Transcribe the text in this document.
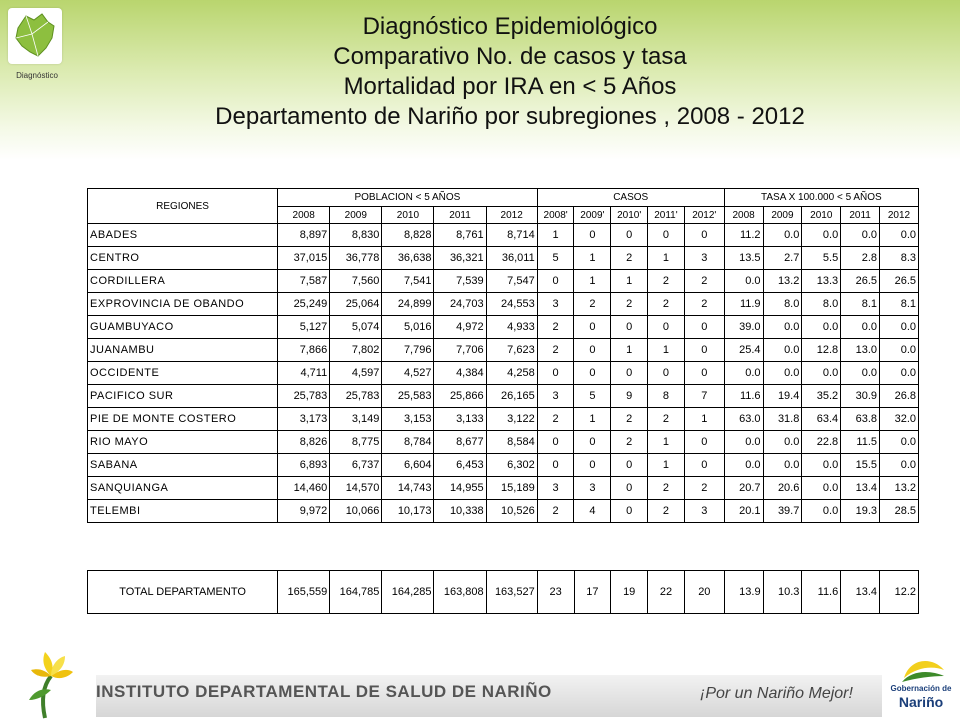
Diagnóstico
Diagnóstico Epidemiológico
Comparativo No. de casos y tasa
Mortalidad por IRA en < 5 Años
Departamento de Nariño por subregiones , 2008 - 2012
REGIONES	POBLACION < 5 AÑOS					CASOS					TASA X 100.000 < 5 AÑOS				
	2008	2009	2010	2011	2012	2008'	2009'	2010'	2011'	2012'	2008	2009	2010	2011	2012
ABADES	8,897	8,830	8,828	8,761	8,714	1	0	0	0	0	11.2	0.0	0.0	0.0	0.0
CENTRO	37,015	36,778	36,638	36,321	36,011	5	1	2	1	3	13.5	2.7	5.5	2.8	8.3
CORDILLERA	7,587	7,560	7,541	7,539	7,547	0	1	1	2	2	0.0	13.2	13.3	26.5	26.5
EXPROVINCIA DE OBANDO	25,249	25,064	24,899	24,703	24,553	3	2	2	2	2	11.9	8.0	8.0	8.1	8.1
GUAMBUYACO	5,127	5,074	5,016	4,972	4,933	2	0	0	0	0	39.0	0.0	0.0	0.0	0.0
JUANAMBU	7,866	7,802	7,796	7,706	7,623	2	0	1	1	0	25.4	0.0	12.8	13.0	0.0
OCCIDENTE	4,711	4,597	4,527	4,384	4,258	0	0	0	0	0	0.0	0.0	0.0	0.0	0.0
PACIFICO SUR	25,783	25,783	25,583	25,866	26,165	3	5	9	8	7	11.6	19.4	35.2	30.9	26.8
PIE DE MONTE COSTERO	3,173	3,149	3,153	3,133	3,122	2	1	2	2	1	63.0	31.8	63.4	63.8	32.0
RIO MAYO	8,826	8,775	8,784	8,677	8,584	0	0	2	1	0	0.0	0.0	22.8	11.5	0.0
SABANA	6,893	6,737	6,604	6,453	6,302	0	0	0	1	0	0.0	0.0	0.0	15.5	0.0
SANQUIANGA	14,460	14,570	14,743	14,955	15,189	3	3	0	2	2	20.7	20.6	0.0	13.4	13.2
TELEMBI	9,972	10,066	10,173	10,338	10,526	2	4	0	2	3	20.1	39.7	0.0	19.3	28.5
TOTAL DEPARTAMENTO	165,559	164,785	164,285	163,808	163,527	23	17	19	22	20	13.9	10.3	11.6	13.4	12.2
INSTITUTO DEPARTAMENTAL DE SALUD DE NARIÑO	¡Por un Nariño Mejor!	Gobernación de
Nariño
